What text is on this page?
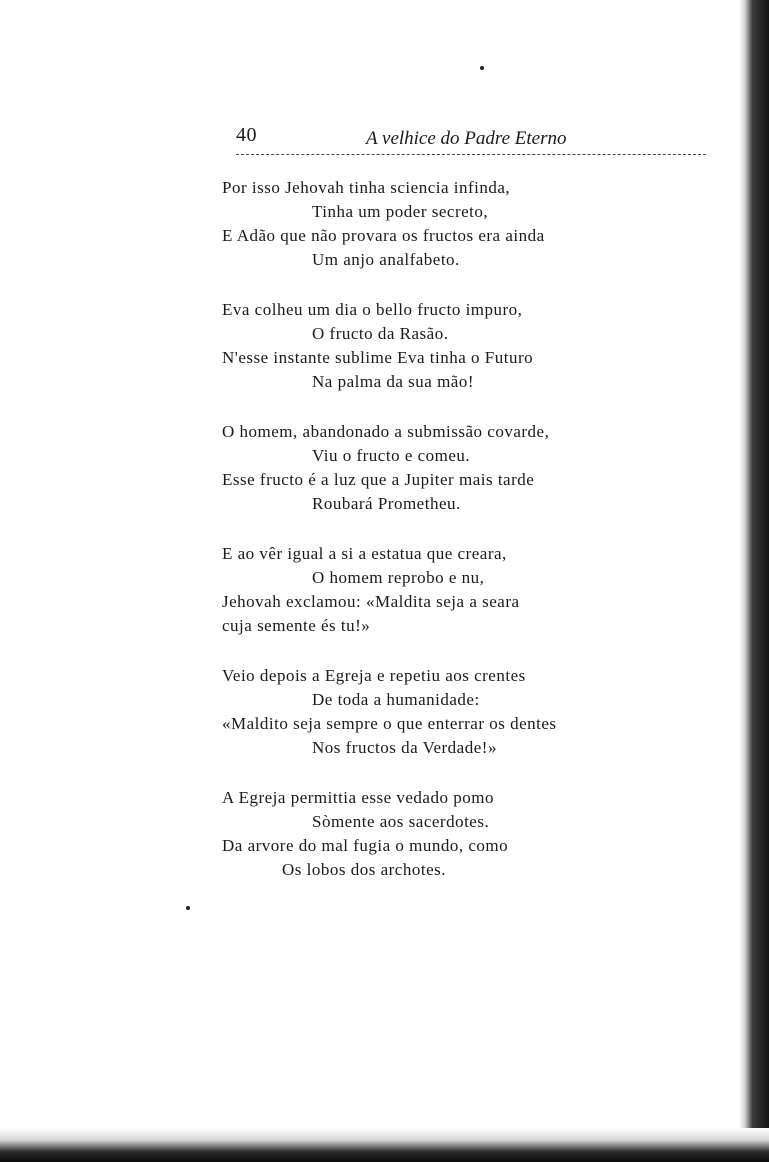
40	A velhice do Padre Eterno
Por isso Jehovah tinha sciencia infinda,
Tinha um poder secreto,
E Adão que não provara os fructos era ainda
Um anjo analfabeto.
Eva colheu um dia o bello fructo impuro,
O fructo da Rasão.
N'esse instante sublime Eva tinha o Futuro
Na palma da sua mão!
O homem, abandonado a submissão covarde,
Viu o fructo e comeu.
Esse fructo é a luz que a Jupiter mais tarde
Roubará Prometheu.
E ao vêr igual a si a estatua que creara,
O homem reprobo e nu,
Jehovah exclamou: «Maldita seja a seara
cuja semente és tu!»
Veio depois a Egreja e repetiu aos crentes
De toda a humanidade:
«Maldito seja sempre o que enterrar os dentes
Nos fructos da Verdade!»
A Egreja permittia esse vedado pomo
Sòmente aos sacerdotes.
Da arvore do mal fugia o mundo, como
Os lobos dos archotes.
